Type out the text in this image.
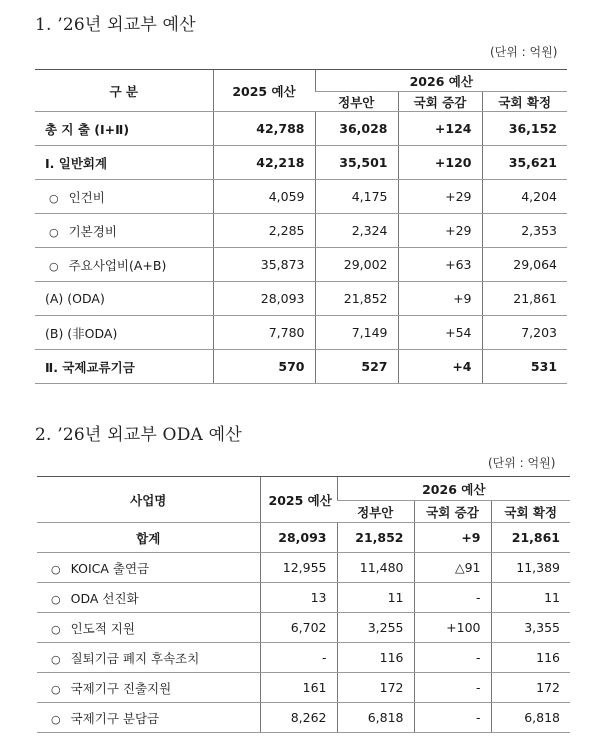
1. ’26년 외교부 예산
(단위 : 억원)
구 분	2025 예산	2026 예산		
		정부안	국회 증감	국회 확정
총 지 출 (Ⅰ+Ⅱ)	42,788	36,028	+124	36,152
Ⅰ. 일반회계	42,218	35,501	+120	35,621
○ 인건비	4,059	4,175	+29	4,204
○ 기본경비	2,285	2,324	+29	2,353
○ 주요사업비(A+B)	35,873	29,002	+63	29,064
(A) (ODA)	28,093	21,852	+9	21,861
(B) (非ODA)	7,780	7,149	+54	7,203
Ⅱ. 국제교류기금	570	527	+4	531
2. ’26년 외교부 ODA 예산
(단위 : 억원)
사업명	2025 예산	2026 예산		
		정부안	국회 증감	국회 확정
합계	28,093	21,852	+9	21,861
○ KOICA 출연금	12,955	11,480	△91	11,389
○ ODA 선진화	13	11	-	11
○ 인도적 지원	6,702	3,255	+100	3,355
○ 질퇴기금 폐지 후속조치	-	116	-	116
○ 국제기구 진출지원	161	172	-	172
○ 국제기구 분담금	8,262	6,818	-	6,818
